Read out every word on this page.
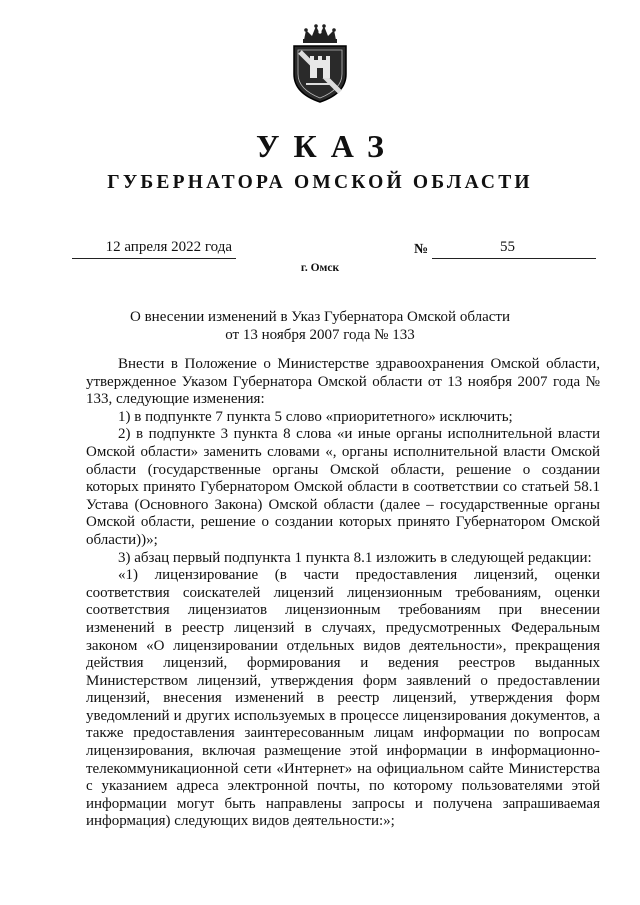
УКАЗ
ГУБЕРНАТОРА ОМСКОЙ ОБЛАСТИ
12 апреля 2022 года	№	55
г. Омск
О внесении изменений в Указ Губернатора Омской области
от 13 ноября 2007 года № 133

Внести в Положение о Министерстве здравоохранения Омской области, утвержденное Указом Губернатора Омской области от 13 ноября 2007 года № 133, следующие изменения:

1) в подпункте 7 пункта 5 слово «приоритетного» исключить;

2) в подпункте 3 пункта 8 слова «и иные органы исполнительной власти Омской области» заменить словами «, органы исполнительной власти Омской области (государственные органы Омской области, решение о создании которых принято Губернатором Омской области в соответствии со статьей 58.1 Устава (Основного Закона) Омской области (далее – государственные органы Омской области, решение о создании которых принято Губернатором Омской области))»;

3) абзац первый подпункта 1 пункта 8.1 изложить в следующей редакции:

«1) лицензирование (в части предоставления лицензий, оценки соответствия соискателей лицензий лицензионным требованиям, оценки соответствия лицензиатов лицензионным требованиям при внесении изменений в реестр лицензий в случаях, предусмотренных Федеральным законом «О лицензировании отдельных видов деятельности», прекращения действия лицензий, формирования и ведения реестров выданных Министерством лицензий, утверждения форм заявлений о предоставлении лицензий, внесения изменений в реестр лицензий, утверждения форм уведомлений и других используемых в процессе лицензирования документов, а также предоставления заинтересованным лицам информации по вопросам лицензирования, включая размещение этой информации в информационно-телекоммуникационной сети «Интернет» на официальном сайте Министерства с указанием адреса электронной почты, по которому пользователями этой информации могут быть направлены запросы и получена запрашиваемая информация) следующих видов деятельности:»;
